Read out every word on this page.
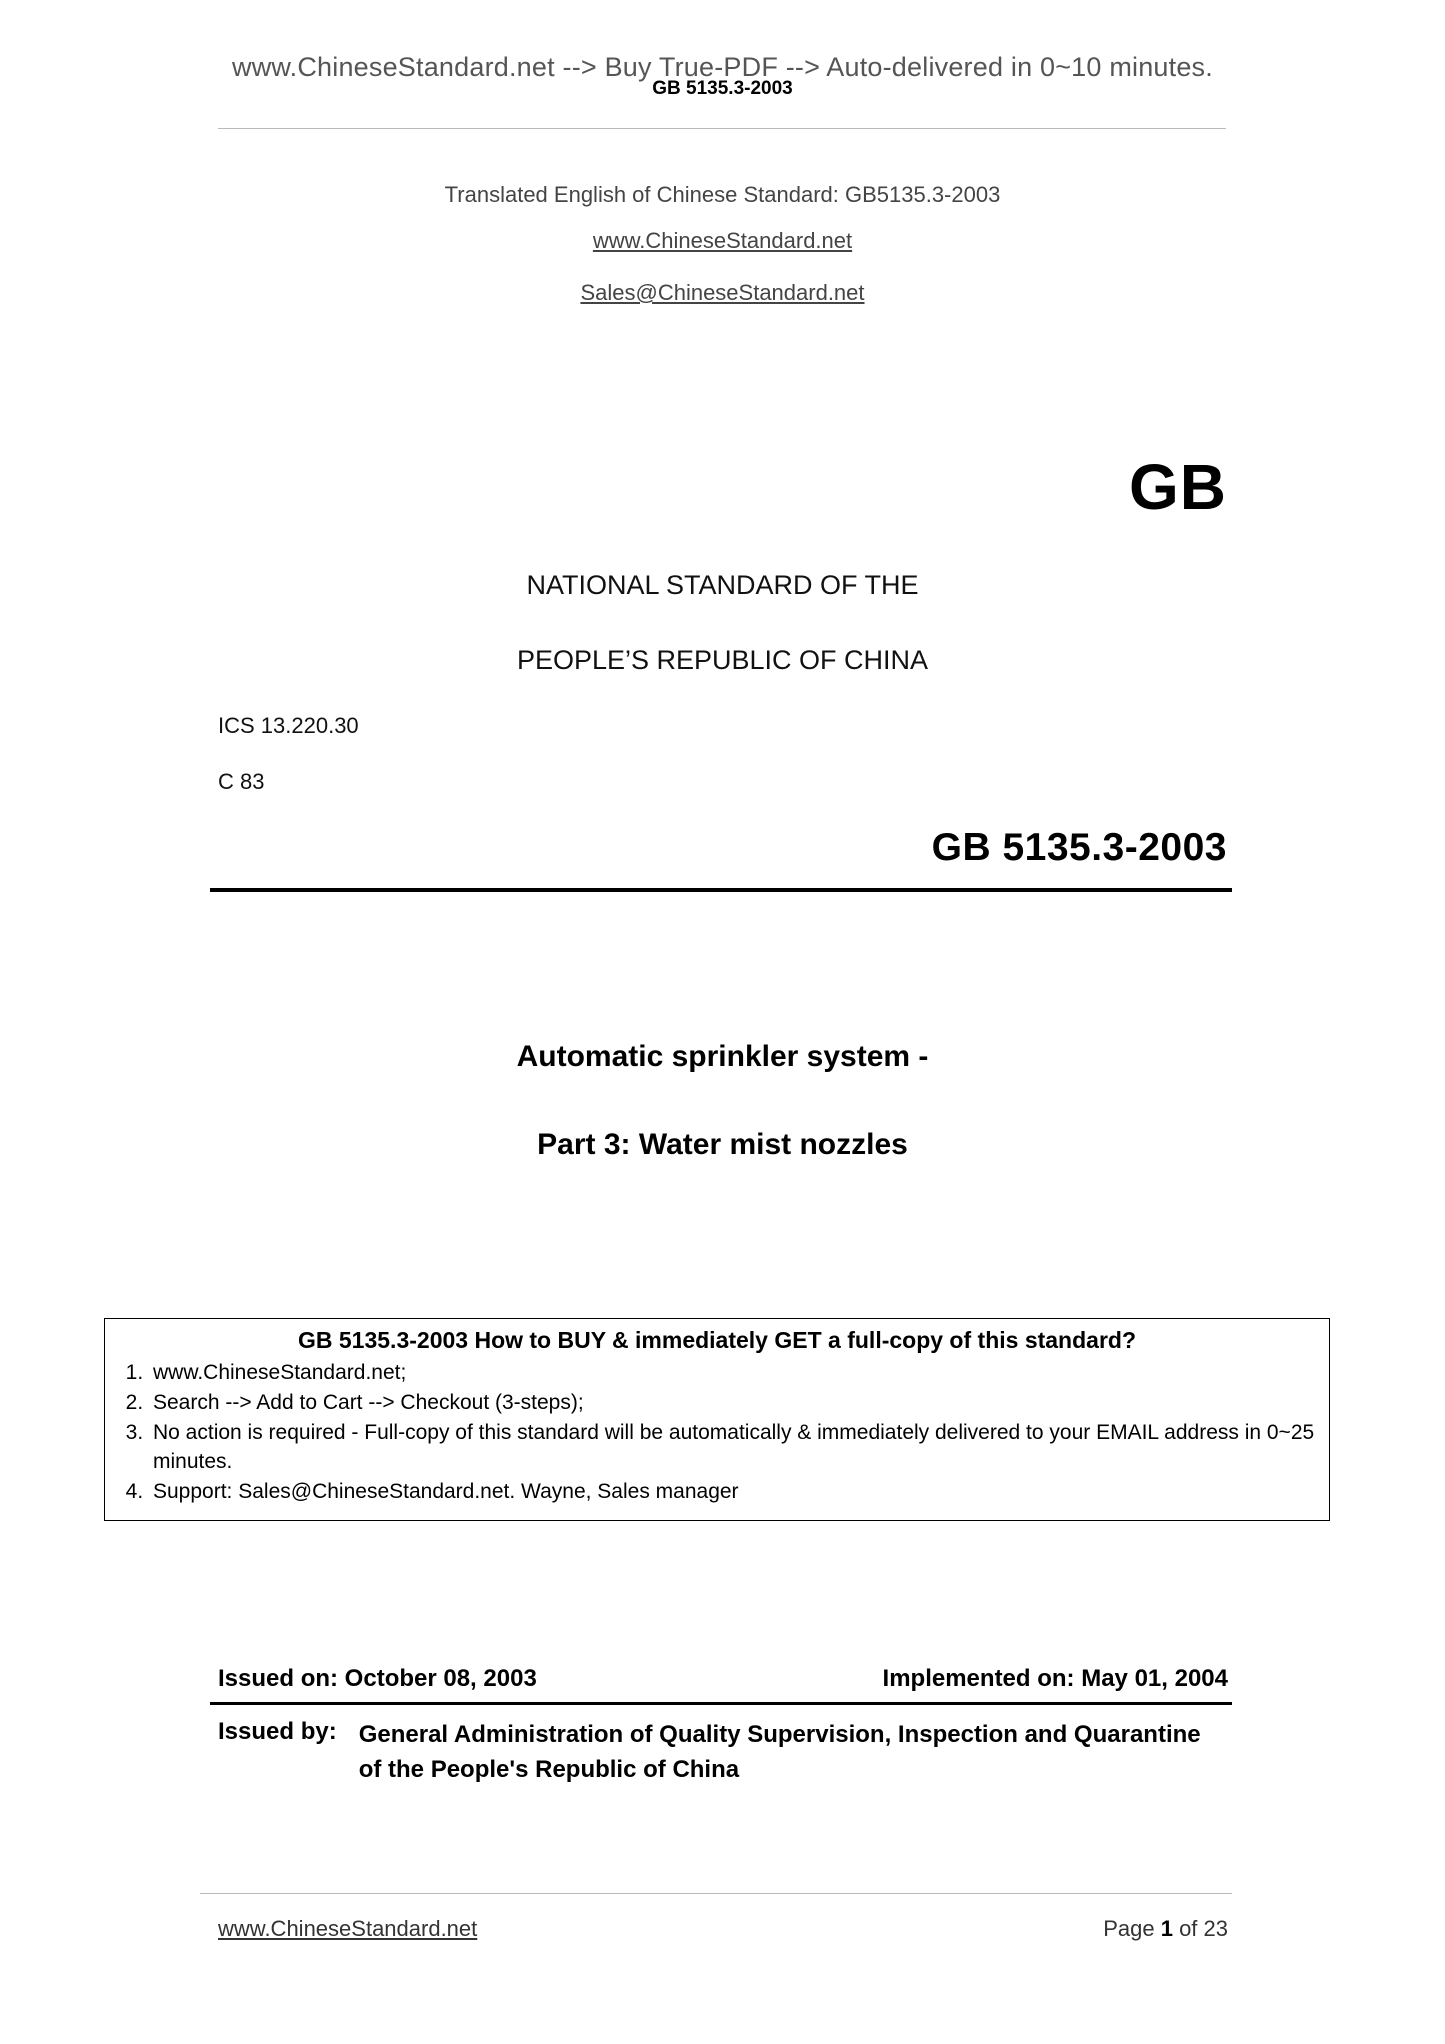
www.ChineseStandard.net --> Buy True-PDF --> Auto-delivered in 0~10 minutes.
GB 5135.3-2003
Translated English of Chinese Standard: GB5135.3-2003
www.ChineseStandard.net
Sales@ChineseStandard.net
GB
NATIONAL STANDARD OF THE
PEOPLE’S REPUBLIC OF CHINA
ICS 13.220.30
C 83
GB 5135.3-2003
Automatic sprinkler system -
Part 3: Water mist nozzles
GB 5135.3-2003 How to BUY & immediately GET a full-copy of this standard?
1. www.ChineseStandard.net;
2. Search --> Add to Cart --> Checkout (3-steps);
3. No action is required - Full-copy of this standard will be automatically & immediately delivered to your EMAIL address in 0~25 minutes.
4. Support: Sales@ChineseStandard.net. Wayne, Sales manager
Issued on: October 08, 2003	Implemented on: May 01, 2004
Issued by: General Administration of Quality Supervision, Inspection and Quarantine of the People's Republic of China
www.ChineseStandard.net	Page 1 of 23
